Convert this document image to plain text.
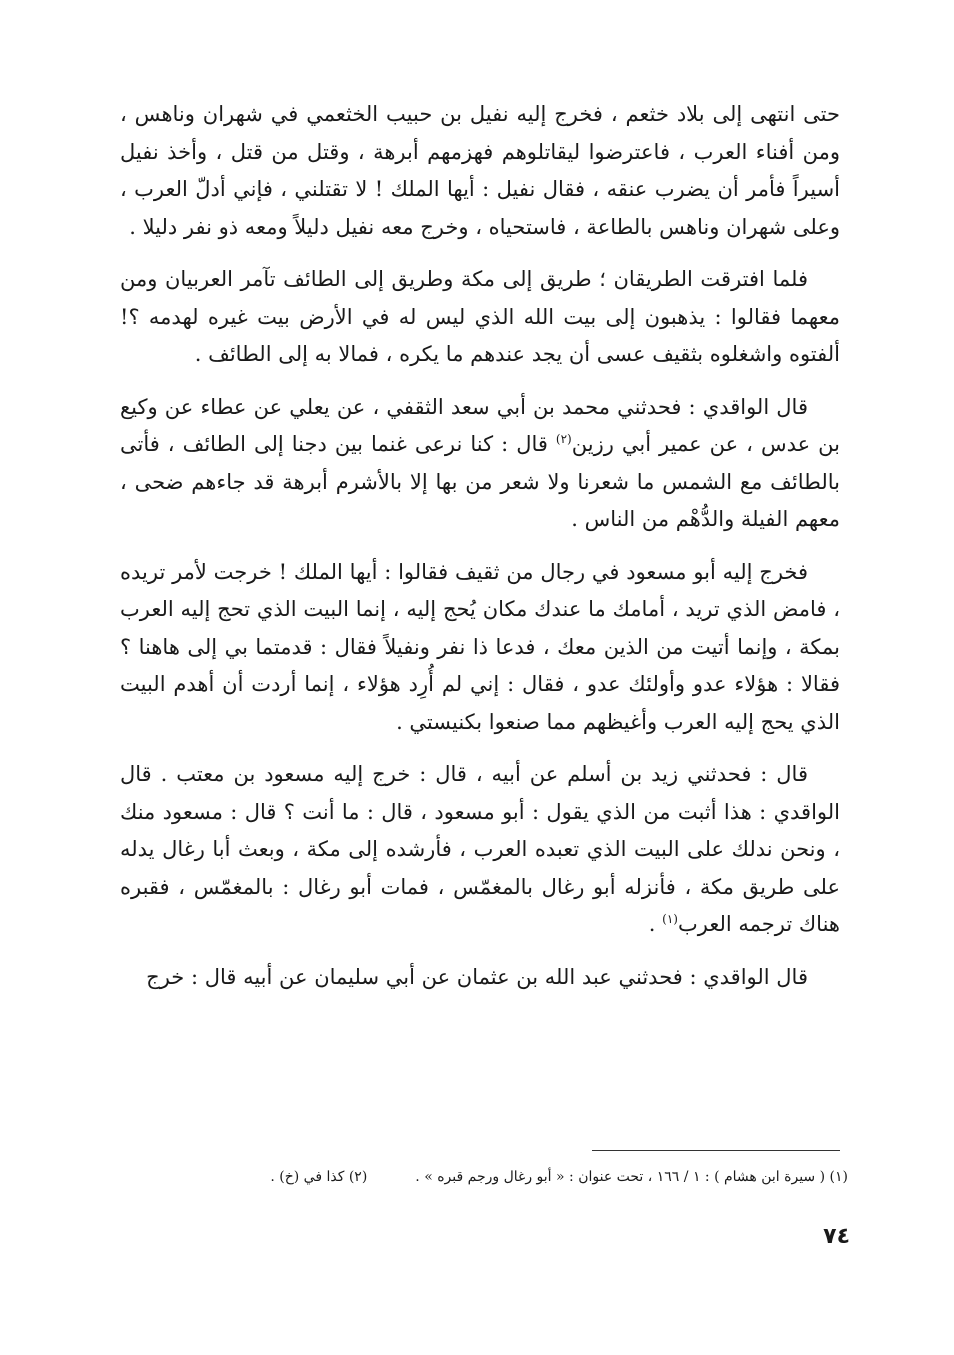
حتى انتهى إلى بلاد خثعم ، فخرج إليه نفيل بن حبيب الخثعمي في شهران وناهس ، ومن أفناء العرب ، فاعترضوا ليقاتلوهم فهزمهم أبرهة ، وقتل من قتل ، وأخذ نفيل أسيراً فأمر أن يضرب عنقه ، فقال نفيل : أيها الملك ! لا تقتلني ، فإني أدلّ العرب ، وعلى شهران وناهس بالطاعة ، فاستحياه ، وخرج معه نفيل دليلاً ومعه ذو نفر دليلا .

فلما افترقت الطريقان ؛ طريق إلى مكة وطريق إلى الطائف تآمر العربيان ومن معهما فقالوا : يذهبون إلى بيت الله الذي ليس له في الأرض بيت غيره لهدمه ؟! ألفتوه واشغلوه بثقيف عسى أن يجد عندهم ما يكره ، فمالا به إلى الطائف .

قال الواقدي : فحدثني محمد بن أبي سعد الثقفي ، عن يعلي عن عطاء عن وكيع بن عدس ، عن عمير أبي رزين$^{(٢)}$ قال : كنا نرعى غنما بين دجنا إلى الطائف ، فأتى بالطائف مع الشمس ما شعرنا ولا شعر من بها إلا بالأشرم أبرهة قد جاءهم ضحى ، معهم الفيلة والدُّهْم من الناس .

فخرج إليه أبو مسعود في رجال من ثقيف فقالوا : أيها الملك ! خرجت لأمر تريده ، فامض الذي تريد ، أمامك ما عندك مكان يُحج إليه ، إنما البيت الذي تحج إليه العرب بمكة ، وإنما أتيت من الذين معك ، فدعا ذا نفر ونفيلاً فقال : قدمتما بي إلى هاهنا ؟ فقالا : هؤلاء عدو وأولئك عدو ، فقال : إني لم أُرِد هؤلاء ، إنما أردت أن أهدم البيت الذي يحج إليه العرب وأغيظهم مما صنعوا بكنيستي .

قال : فحدثني زيد بن أسلم عن أبيه ، قال : خرج إليه مسعود بن معتب . قال الواقدي : هذا أثبت من الذي يقول : أبو مسعود ، قال : ما أنت ؟ قال : مسعود منك ، ونحن ندلك على البيت الذي تعبده العرب ، فأرشده إلى مكة ، وبعث أبا رغال يدله على طريق مكة ، فأنزله أبو رغال بالمغمّس ، فمات أبو رغال : بالمغمّس ، فقبره هناك ترجمه العرب$^{(١)}$ .

قال الواقدي : فحدثني عبد الله بن عثمان عن أبي سليمان عن أبيه قال : خرج

(١) ( سيرة ابن هشام ) : ١ / ١٦٦ ، تحت عنوان : « أبو رغال ورجم قبره » .(٢) كذا في (خ) .
٧٤
